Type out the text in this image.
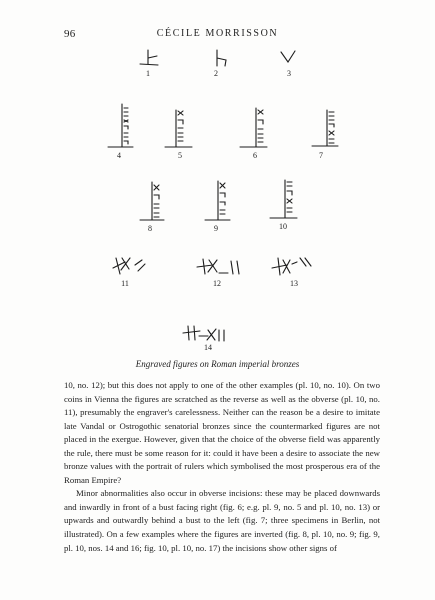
96	CÉCILE MORRISSON
1	2	3
4	5	6	7
8	9	10
11	12	13
14
Engraved figures on Roman imperial bronzes

10, no. 12); but this does not apply to one of the other examples (pl. 10, no. 10). On two coins in Vienna the figures are scratched as the reverse as well as the obverse (pl. 10, no. 11), presumably the engraver's carelessness. Neither can the reason be a desire to imitate late Vandal or Ostrogothic senatorial bronzes since the countermarked figures are not placed in the exergue. However, given that the choice of the obverse field was apparently the rule, there must be some reason for it: could it have been a desire to associate the new bronze values with the portrait of rulers which symbolised the most prosperous era of the Roman Empire?

Minor abnormalities also occur in obverse incisions: these may be placed downwards and inwardly in front of a bust facing right (fig. 6; e.g. pl. 9, no. 5 and pl. 10, no. 13) or upwards and outwardly behind a bust to the left (fig. 7; three specimens in Berlin, not illustrated). On a few examples where the figures are inverted (fig. 8, pl. 10, no. 9; fig. 9, pl. 10, nos. 14 and 16; fig. 10, pl. 10, no. 17) the incisions show other signs of
